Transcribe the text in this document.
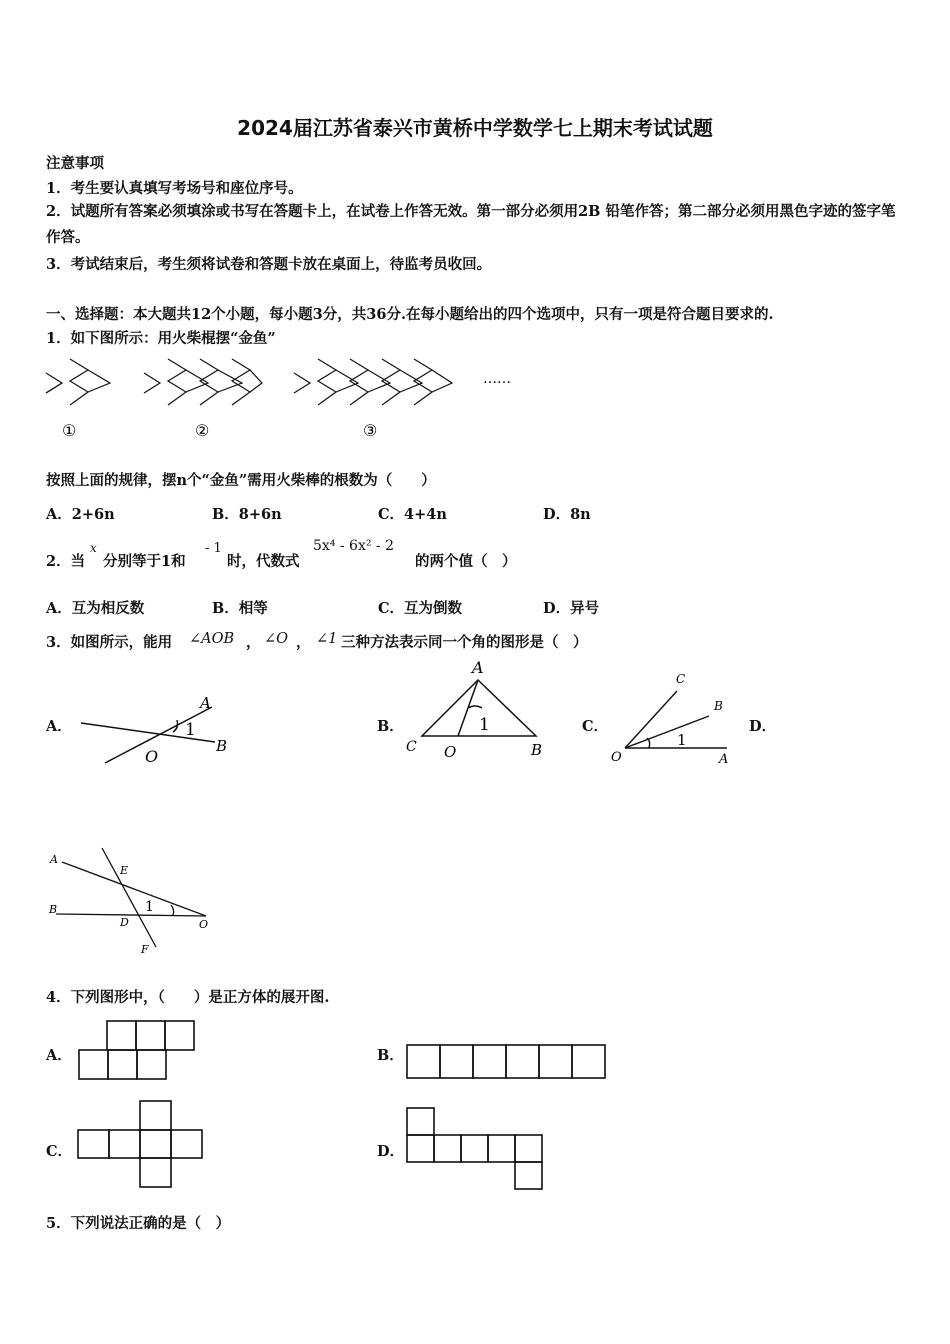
2024届江苏省泰兴市黄桥中学数学七上期末考试试题
注意事项
1．考生要认真填写考场号和座位序号。
2．试题所有答案必须填涂或书写在答题卡上，在试卷上作答无效。第一部分必须用2B 铅笔作答；第二部分必须用黑色字迹的签字笔作答。
3．考试结束后，考生须将试卷和答题卡放在桌面上，待监考员收回。
一、选择题：本大题共12个小题，每小题3分，共36分.在每小题给出的四个选项中，只有一项是符合题目要求的.
1．如下图所示：用火柴棍摆“金鱼”
……
①	②	③
按照上面的规律，摆n个“金鱼”需用火柴棒的根数为（　　）
A．2+6n	B．8+6n	C．4+4n	D．8n
2．当
x
分别等于1和
- 1
时，代数式
5x⁴ - 6x² - 2
的两个值（　）
A．互为相反数	B．相等	C．互为倒数	D．异号
3．如图所示，能用 ∠AOB ， ∠O ， ∠1 三种方法表示同一个角的图形是（　）
A．
A
1
B
O
B．
A
1
C O	B
C．
C
B
1
O	A
D．
A
E
B	1
D	O
F
4．下列图形中，（　　）是正方体的展开图.
A．	B．
C．	D．
5．下列说法正确的是（　）
